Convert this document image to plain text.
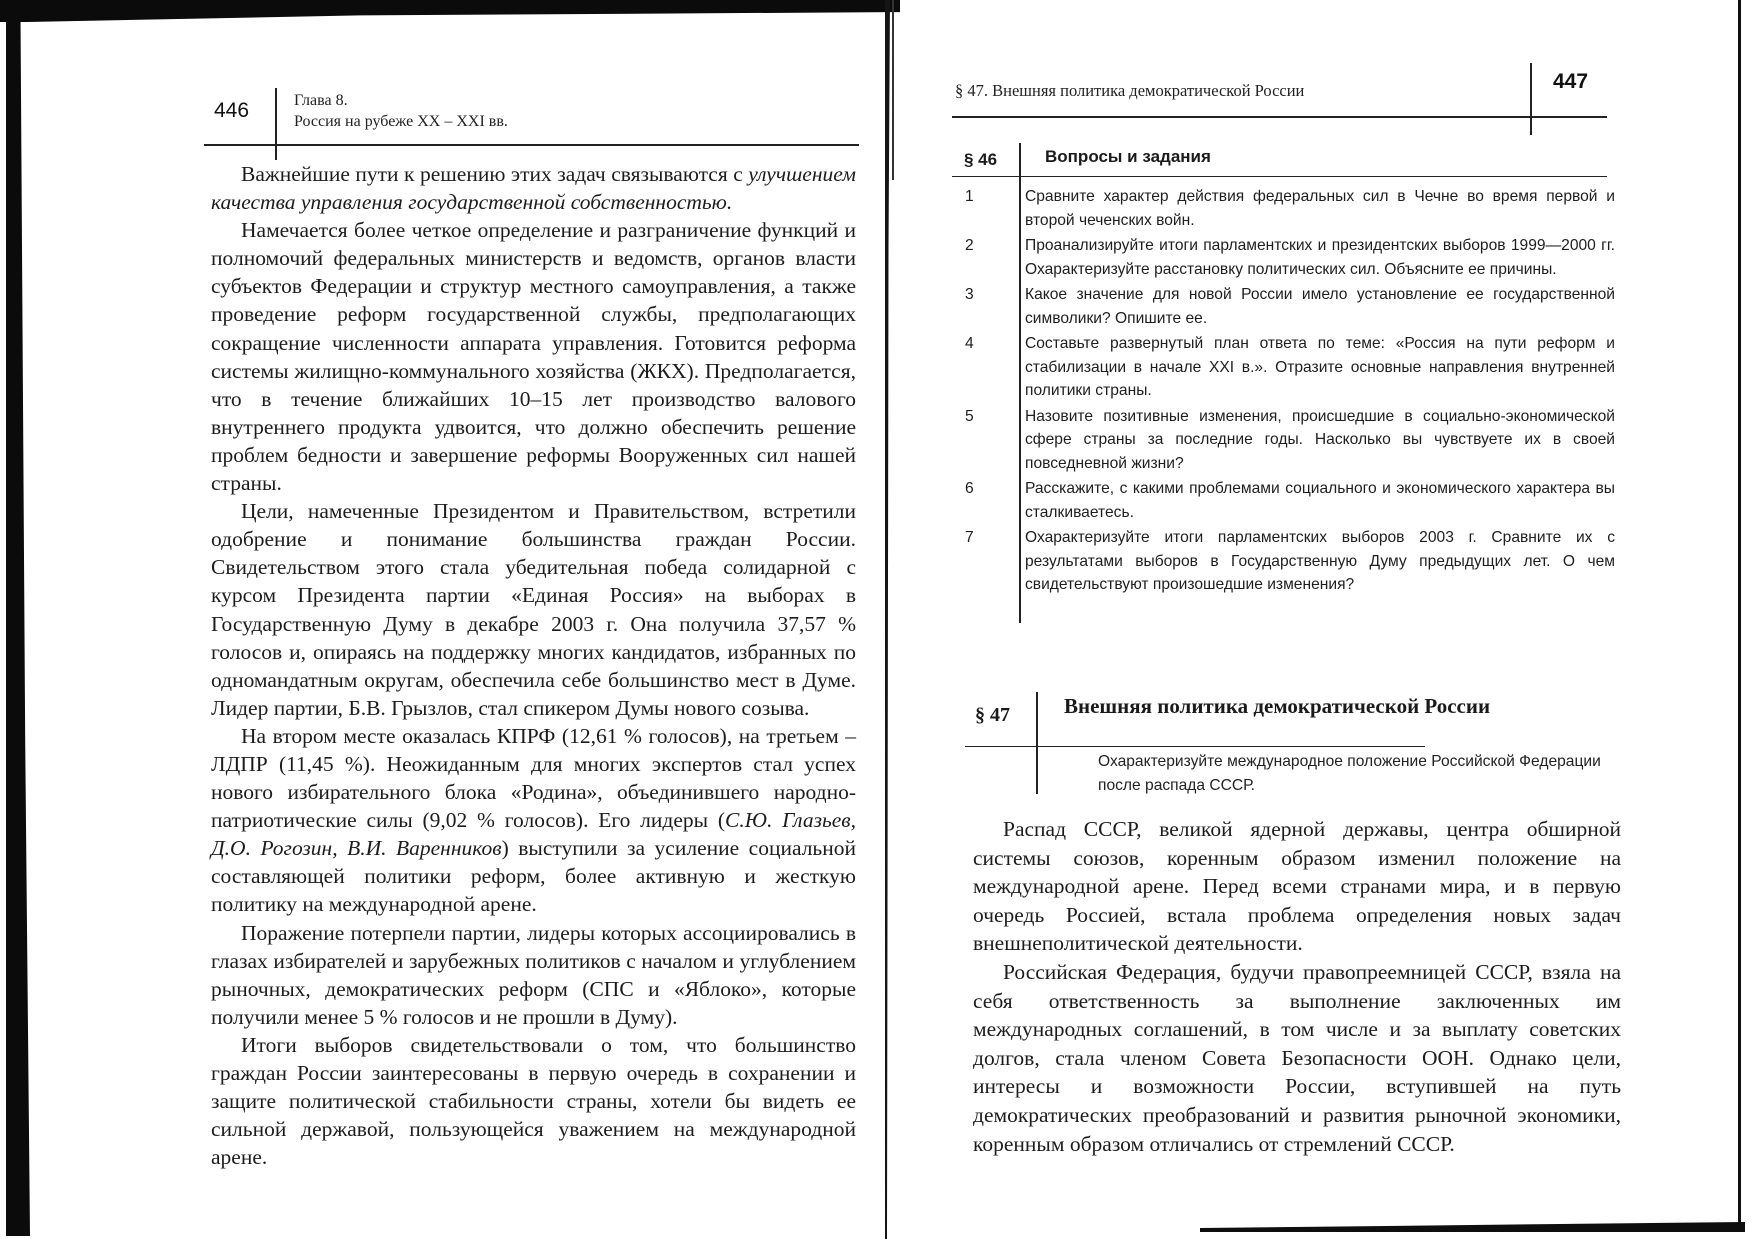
446	Глава 8.
Россия на рубеже XX – XXI вв.

Важнейшие пути к решению этих задач связываются с улучшением качества управления государственной собственностью.

Намечается более четкое определение и разграничение функций и полномочий федеральных министерств и ведомств, органов власти субъектов Федерации и структур местного самоуправления, а также проведение реформ государственной службы, предполагающих сокращение численности аппарата управления. Готовится реформа системы жилищно-коммунального хозяйства (ЖКХ). Предполагается, что в течение ближайших 10–15 лет производство валового внутреннего продукта удвоится, что должно обеспечить решение проблем бедности и завершение реформы Вооруженных сил нашей страны.

Цели, намеченные Президентом и Правительством, встретили одобрение и понимание большинства граждан России. Свидетельством этого стала убедительная победа солидарной с курсом Президента партии «Единая Россия» на выборах в Государственную Думу в декабре 2003 г. Она получила 37,57 % голосов и, опираясь на поддержку многих кандидатов, избранных по одномандатным округам, обеспечила себе большинство мест в Думе. Лидер партии, Б.В. Грызлов, стал спикером Думы нового созыва.

На втором месте оказалась КПРФ (12,61 % голосов), на третьем – ЛДПР (11,45 %). Неожиданным для многих экспертов стал успех нового избирательного блока «Родина», объединившего народно-патриотические силы (9,02 % голосов). Его лидеры (С.Ю. Глазьев, Д.О. Рогозин, В.И. Варенников) выступили за усиление социальной составляющей политики реформ, более активную и жесткую политику на международной арене.

Поражение потерпели партии, лидеры которых ассоциировались в глазах избирателей и зарубежных политиков с началом и углублением рыночных, демократических реформ (СПС и «Яблоко», которые получили менее 5 % голосов и не прошли в Думу).

Итоги выборов свидетельствовали о том, что большинство граждан России заинтересованы в первую очередь в сохранении и защите политической стабильности страны, хотели бы видеть ее сильной державой, пользующейся уважением на международной арене.

§ 47. Внешняя политика демократической России	447
§ 46	Вопросы и задания
1	Сравните характер действия федеральных сил в Чечне во время первой и второй чеченских войн.
2	Проанализируйте итоги парламентских и президентских выборов 1999—2000 гг. Охарактеризуйте расстановку политических сил. Объясните ее причины.
3	Какое значение для новой России имело установление ее государственной символики? Опишите ее.
4	Составьте развернутый план ответа по теме: «Россия на пути реформ и стабилизации в начале XXI в.». Отразите основные направления внутренней политики страны.
5	Назовите позитивные изменения, происшедшие в социально-экономической сфере страны за последние годы. Насколько вы чувствуете их в своей повседневной жизни?
6	Расскажите, с какими проблемами социального и экономического характера вы сталкиваетесь.
7	Охарактеризуйте итоги парламентских выборов 2003 г. Сравните их с результатами выборов в Государственную Думу предыдущих лет. О чем свидетельствуют произошедшие изменения?
§ 47	Внешняя политика демократической России
Охарактеризуйте международное положение Российской Федерации после распада СССР.

Распад СССР, великой ядерной державы, центра обширной системы союзов, коренным образом изменил положение на международной арене. Перед всеми странами мира, и в первую очередь Россией, встала проблема определения новых задач внешнеполитической деятельности.

Российская Федерация, будучи правопреемницей СССР, взяла на себя ответственность за выполнение заключенных им международных соглашений, в том числе и за выплату советских долгов, стала членом Совета Безопасности ООН. Однако цели, интересы и возможности России, вступившей на путь демократических преобразований и развития рыночной экономики, коренным образом отличались от стремлений СССР.
